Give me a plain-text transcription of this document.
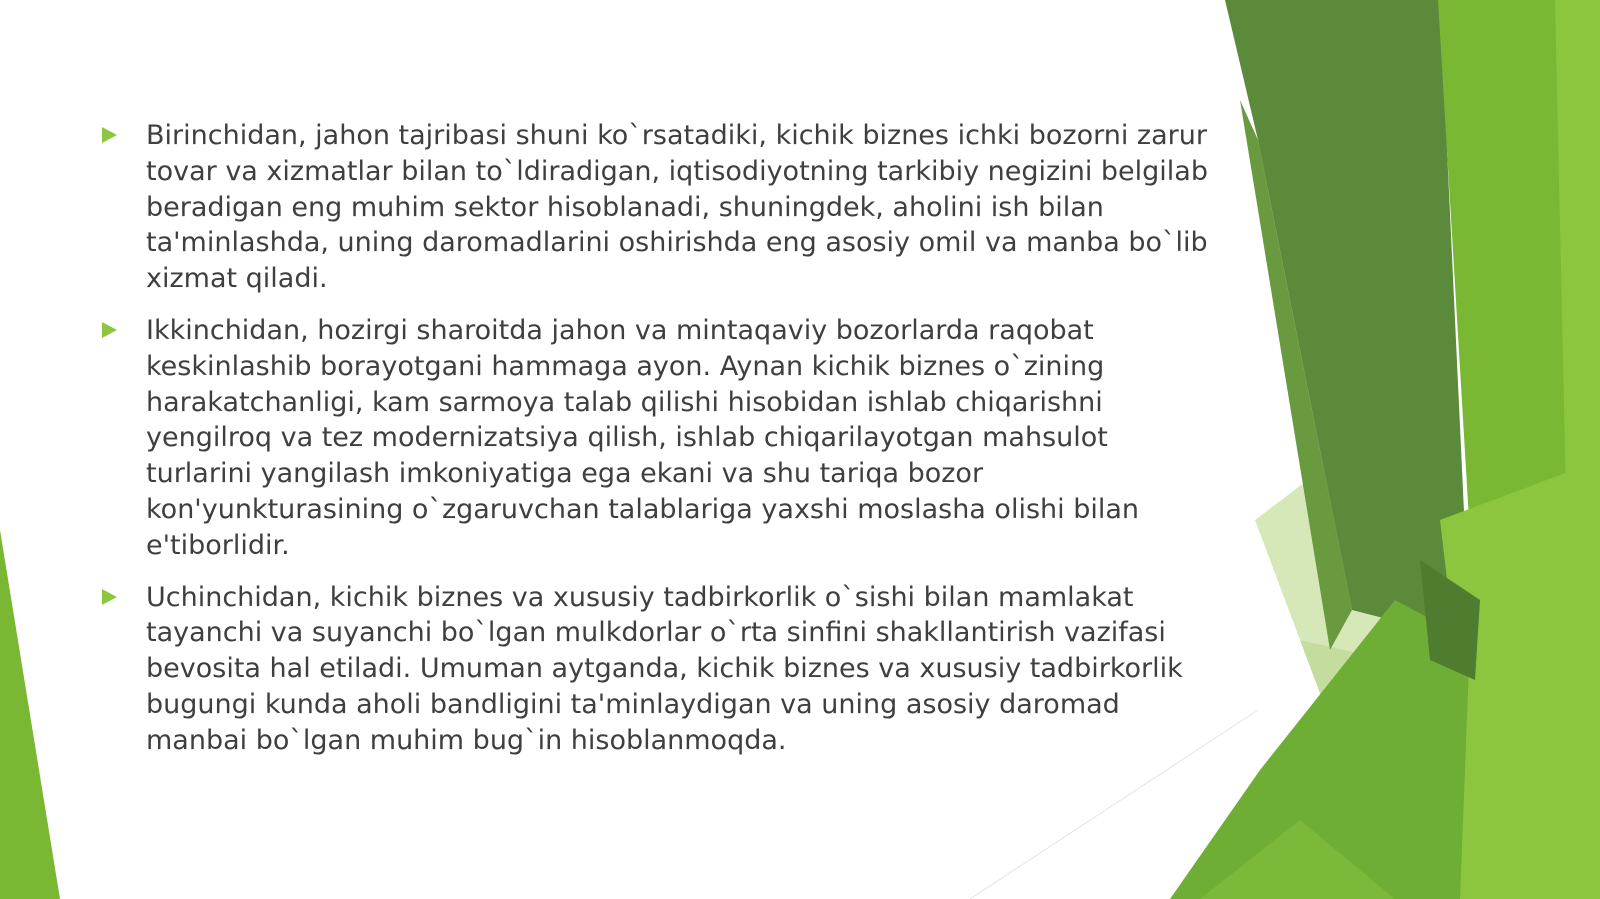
Birinchidan, jahon tajribasi shuni ko`rsatadiki, kichik biznes ichki bozorni zarur tovar va xizmatlar bilan to`ldiradigan, iqtisodiyotning tarkibiy negizini belgilab beradigan eng muhim sektor hisoblanadi, shuningdek, aholini ish bilan ta'minlashda, uning daromadlarini oshirishda eng asosiy omil va manba bo`lib xizmat qiladi.
Ikkinchidan, hozirgi sharoitda jahon va mintaqaviy bozorlarda raqobat keskinlashib borayotgani hammaga ayon. Aynan kichik biznes o`zining harakatchanligi, kam sarmoya talab qilishi hisobidan ishlab chiqarishni yengilroq va tez modernizatsiya qilish, ishlab chiqarilayotgan mahsulot turlarini yangilash imkoniyatiga ega ekani va shu tariqa bozor kon'yunkturasining o`zgaruvchan talablariga yaxshi moslasha olishi bilan e'tiborlidir.
Uchinchidan, kichik biznes va xususiy tadbirkorlik o`sishi bilan mamlakat tayanchi va suyanchi bo`lgan mulkdorlar o`rta sinfini shakllantirish vazifasi bevosita hal etiladi. Umuman aytganda, kichik biznes va xususiy tadbirkorlik bugungi kunda aholi bandligini ta'minlaydigan va uning asosiy daromad manbai bo`lgan muhim bug`in hisoblanmoqda.
